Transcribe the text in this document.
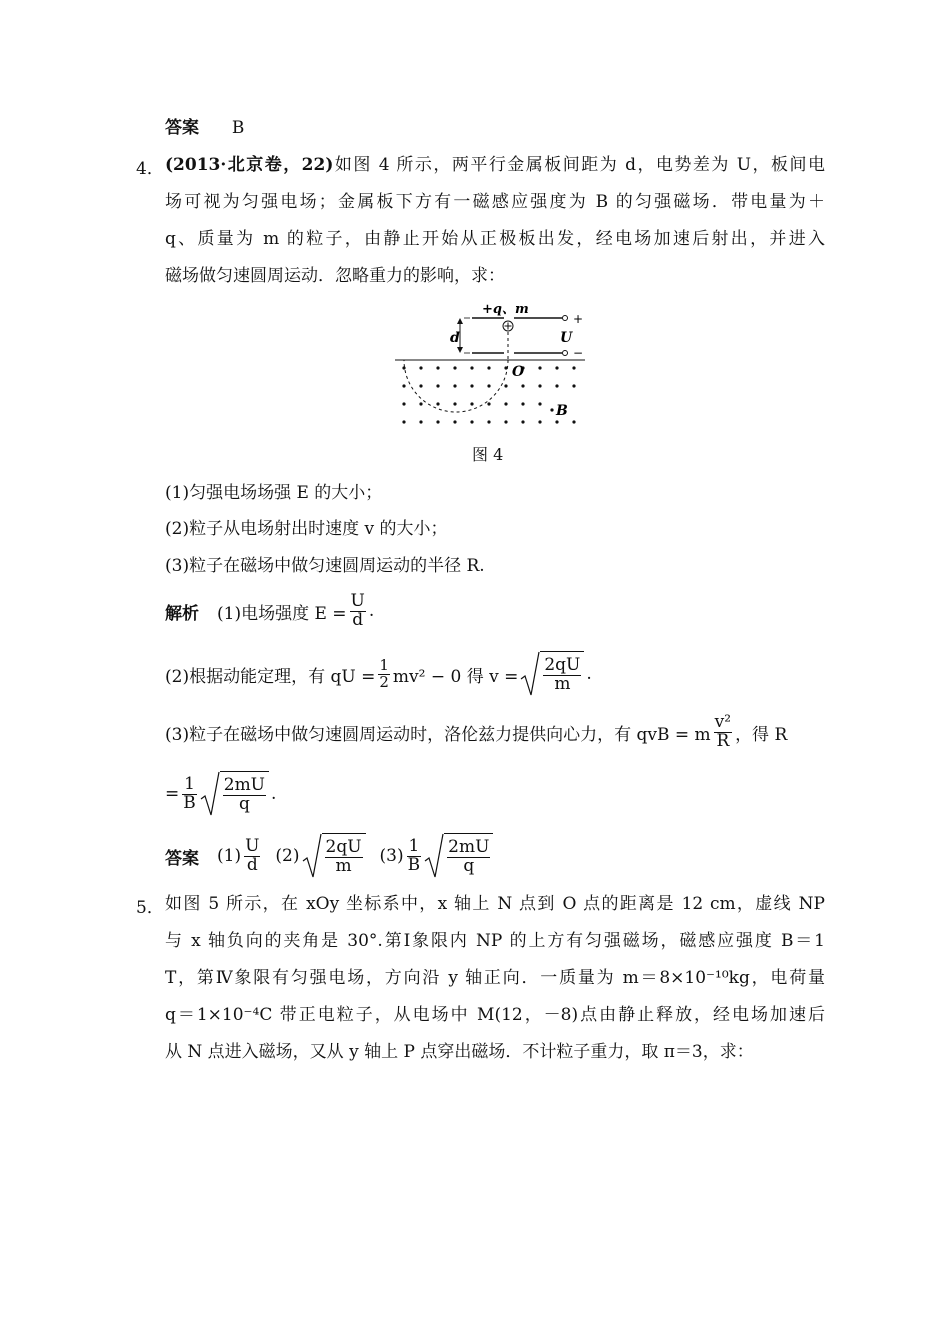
答案 B
4． (2013·北京卷，22)如图 4 所示，两平行金属板间距为 d，电势差为 U，板间电
场可视为匀强电场；金属板下方有一磁感应强度为 B 的匀强磁场．带电量为＋
q、质量为 m 的粒子，由静止开始从正极板出发，经电场加速后射出，并进入
磁场做匀速圆周运动．忽略重力的影响，求：
+q、m
+
−
U
d
O
B
图 4
(1)匀强电场场强 E 的大小；
(2)粒子从电场射出时速度 v 的大小；
(3)粒子在磁场中做匀速圆周运动的半径 R.
解析 (1)电场强度 $E = \frac{U}{d}$ .
(2)根据动能定理，有 qU = $\frac{1}{2} mv^2 - 0$ 得 $v = \frac{2qU}{m}$ .
(3)粒子在磁场中做匀速圆周运动时，洛伦兹力提供向心力，有 qvB = m $\frac{\text{v²}}{R}$ ，得 R
= $\frac{1}{B} \frac{2mU}{q}$ .
答案 $(1) \frac{U}{d} (2) \frac{2qU}{m} (3) \frac{1}{B} \frac{2mU}{q}$
5． 如图 5 所示，在 xOy 坐标系中，x 轴上 N 点到 O 点的距离是 12 cm，虚线 NP
与 x 轴负向的夹角是 30°.第Ⅰ象限内 NP 的上方有匀强磁场，磁感应强度 B＝1
T，第Ⅳ象限有匀强电场，方向沿 y 轴正向．一质量为 m＝8×10⁻¹⁰kg，电荷量
q＝1×10⁻⁴C 带正电粒子，从电场中 M(12，－8)点由静止释放，经电场加速后
从 N 点进入磁场，又从 y 轴上 P 点穿出磁场．不计粒子重力，取 π＝3，求：
